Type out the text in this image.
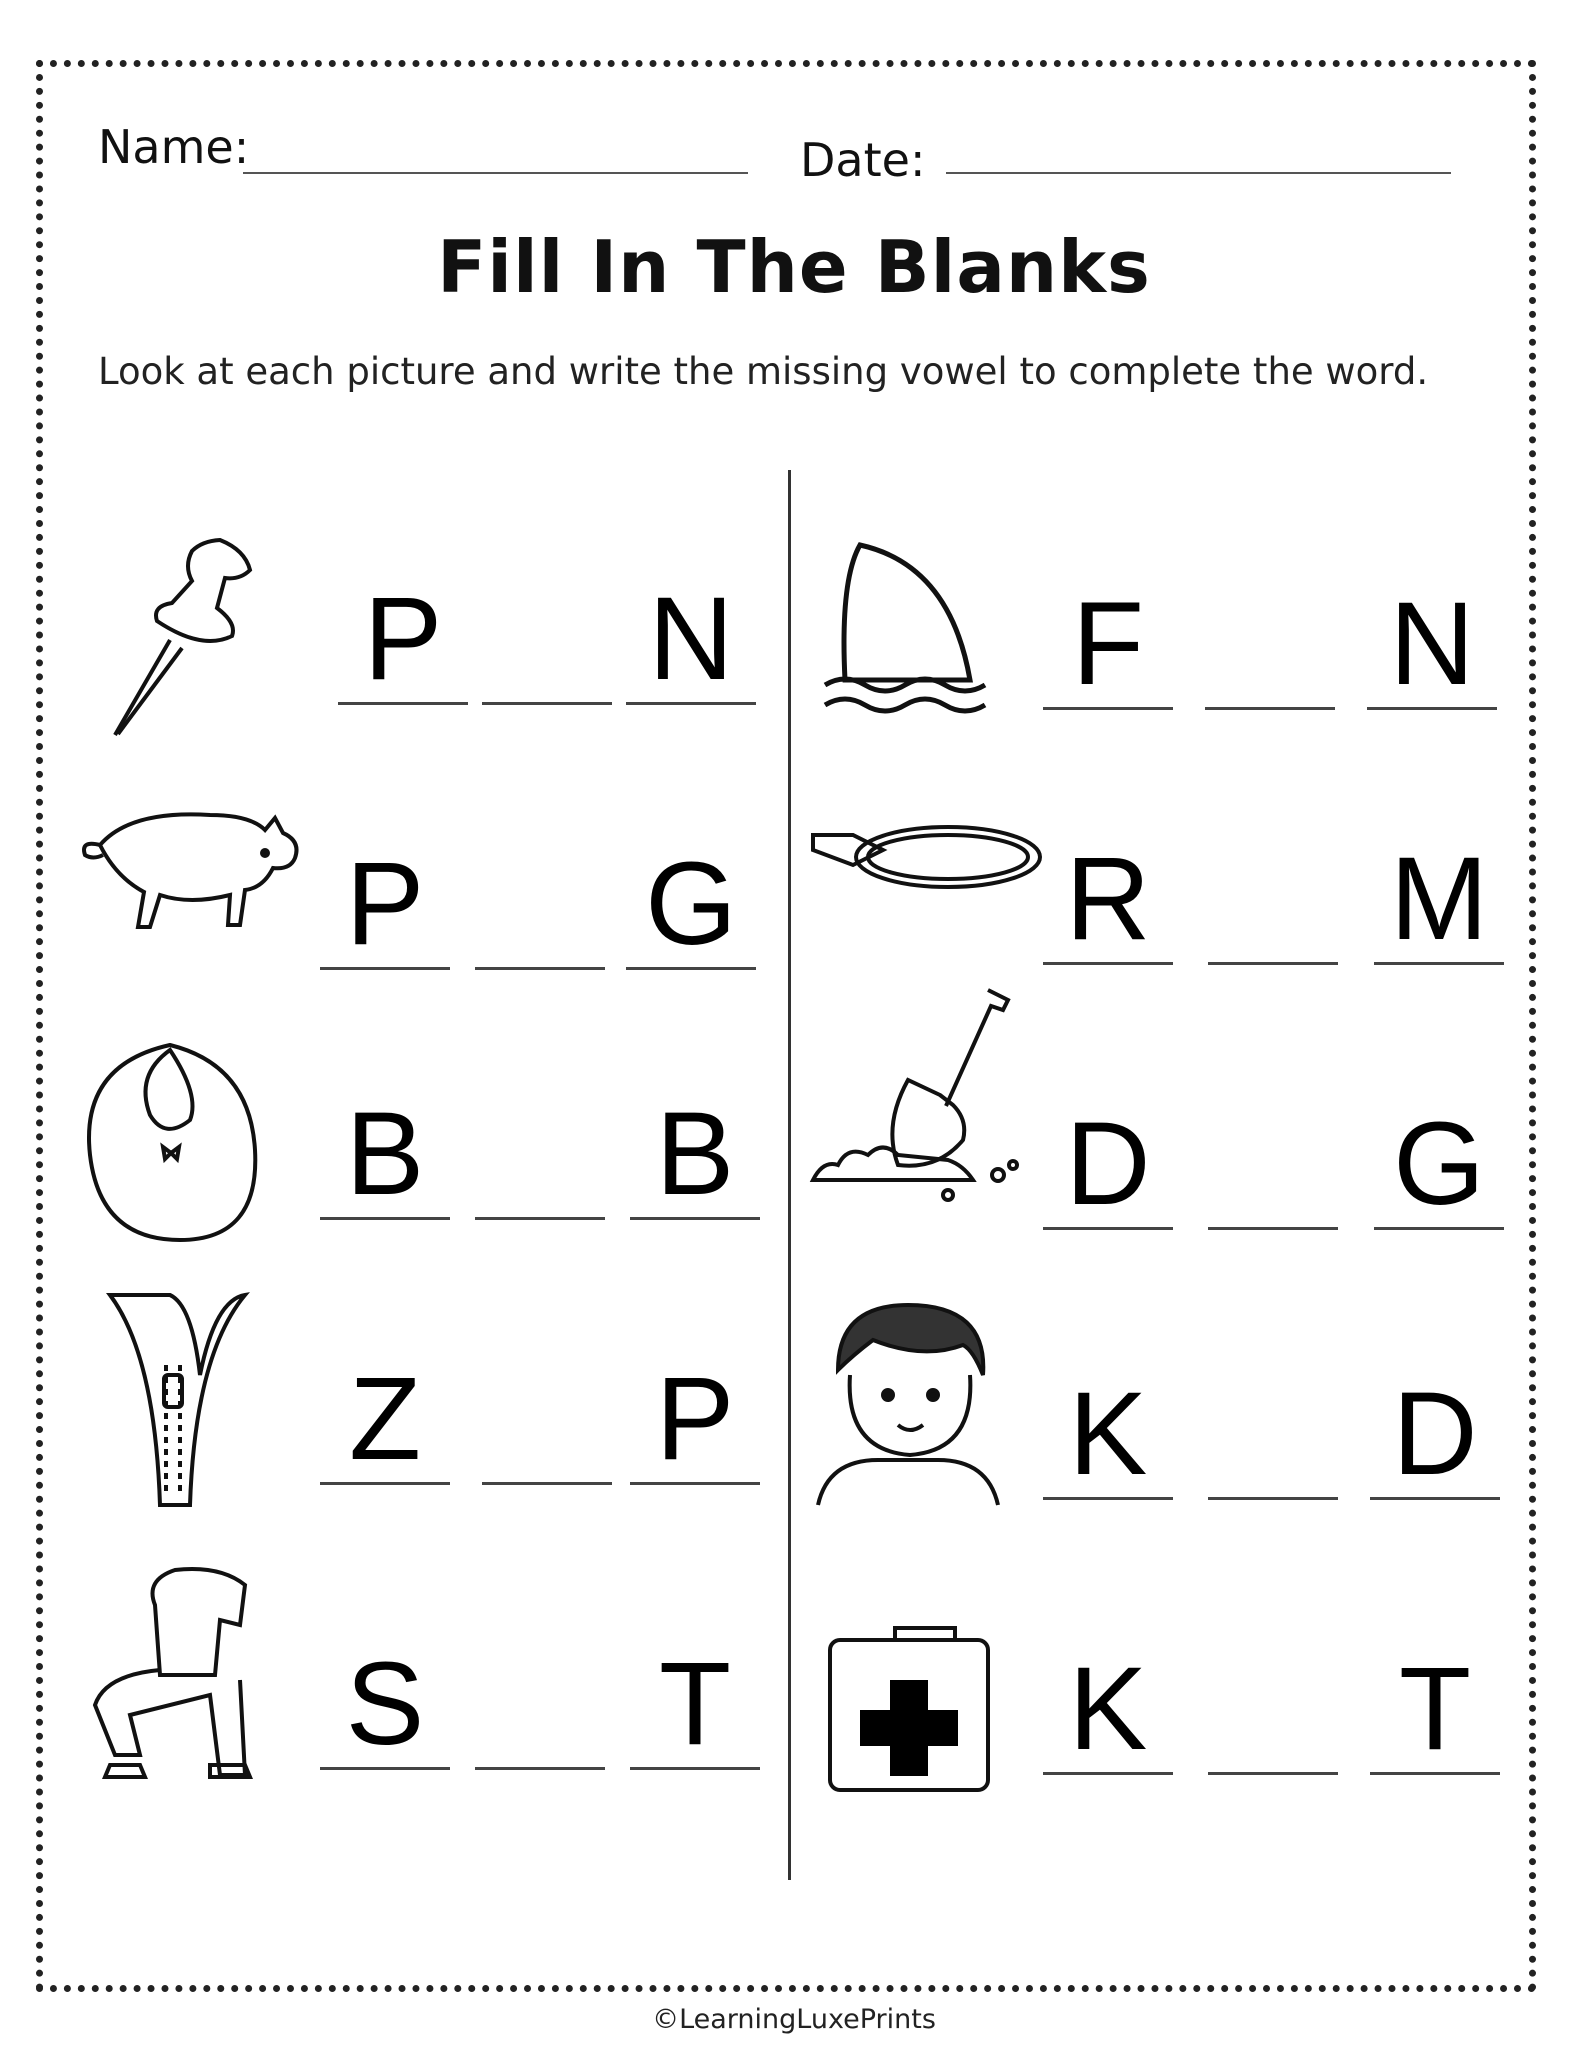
Name:	Date:
Fill In The Blanks
Look at each picture and write the missing vowel to complete the word.
P N
P G
B B
Z P
S T
F N
R M
D G
K D
K T
©LearningLuxePrints
